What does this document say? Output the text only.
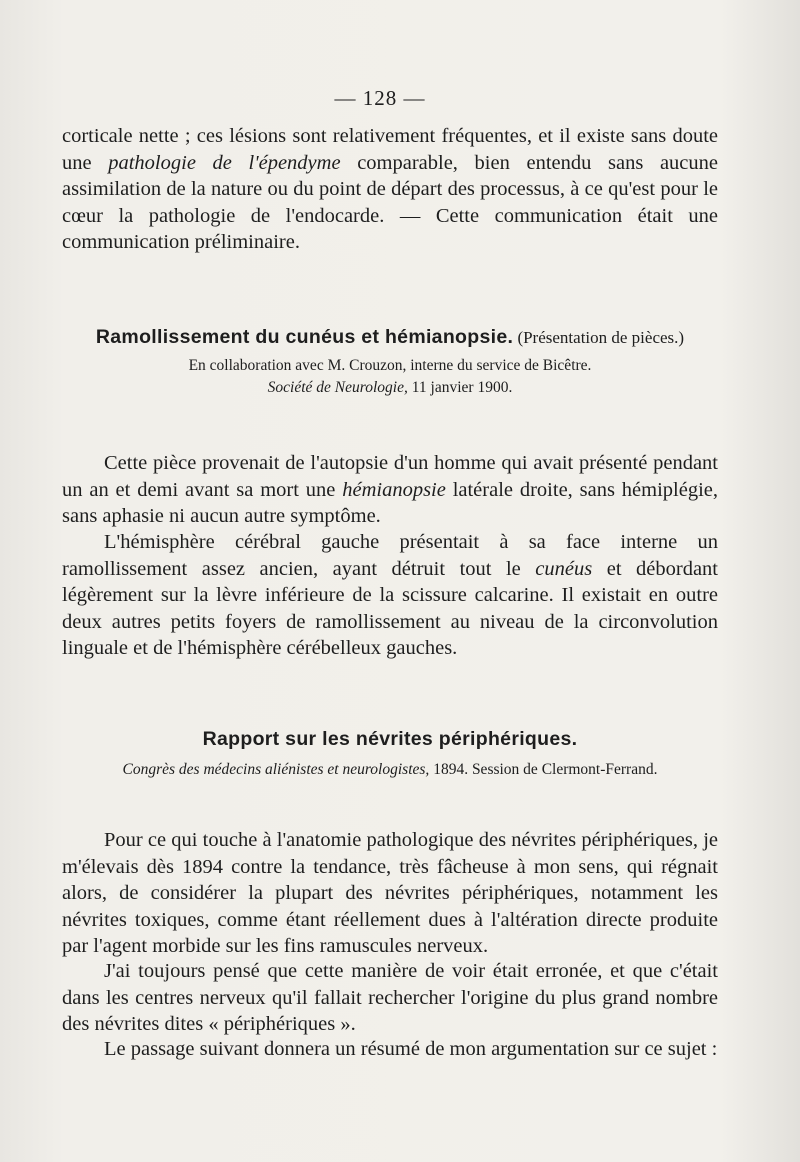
— 128 —

corticale nette ; ces lésions sont relativement fréquentes, et il existe sans doute une pathologie de l'épendyme comparable, bien entendu sans aucune assimilation de la nature ou du point de départ des processus, à ce qu'est pour le cœur la pathologie de l'endocarde. — Cette communication était une communication préliminaire.

Ramollissement du cunéus et hémianopsie. (Présentation de pièces.)

En collaboration avec M. Crouzon, interne du service de Bicêtre.

Société de Neurologie, 11 janvier 1900.

Cette pièce provenait de l'autopsie d'un homme qui avait présenté pendant un an et demi avant sa mort une hémianopsie latérale droite, sans hémiplégie, sans aphasie ni aucun autre symptôme.

L'hémisphère cérébral gauche présentait à sa face interne un ramollissement assez ancien, ayant détruit tout le cunéus et débordant légèrement sur la lèvre inférieure de la scissure calcarine. Il existait en outre deux autres petits foyers de ramollissement au niveau de la circonvolution linguale et de l'hémisphère cérébelleux gauches.

Rapport sur les névrites périphériques.

Congrès des médecins aliénistes et neurologistes, 1894. Session de Clermont-Ferrand.

Pour ce qui touche à l'anatomie pathologique des névrites périphériques, je m'élevais dès 1894 contre la tendance, très fâcheuse à mon sens, qui régnait alors, de considérer la plupart des névrites périphériques, notamment les névrites toxiques, comme étant réellement dues à l'altération directe produite par l'agent morbide sur les fins ramuscules nerveux.

J'ai toujours pensé que cette manière de voir était erronée, et que c'était dans les centres nerveux qu'il fallait rechercher l'origine du plus grand nombre des névrites dites « périphériques ».

Le passage suivant donnera un résumé de mon argumentation sur ce sujet :
